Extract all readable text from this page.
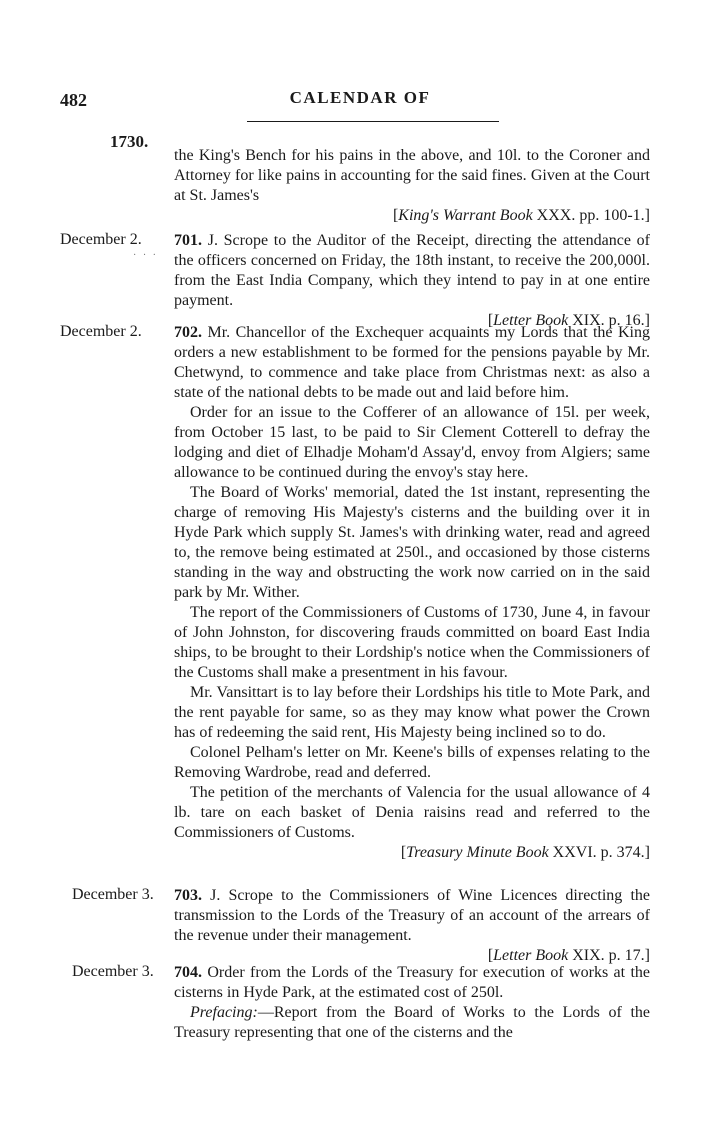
482	CALENDAR OF
1730.

the King's Bench for his pains in the above, and 10l. to the Coroner and Attorney for like pains in accounting for the said fines. Given at the Court at St. James's

[King's Warrant Book XXX. pp. 100-1.]

December 2.
· · ·

701. J. Scrope to the Auditor of the Receipt, directing the attendance of the officers concerned on Friday, the 18th instant, to receive the 200,000l. from the East India Company, which they intend to pay in at one entire payment.

[Letter Book XIX. p. 16.]

December 2. 702. Mr. Chancellor of the Exchequer acquaints my Lords that the King orders a new establishment to be formed for the pensions payable by Mr. Chetwynd, to commence and take place from Christmas next: as also a state of the national debts to be made out and laid before him.

Order for an issue to the Cofferer of an allowance of 15l. per week, from October 15 last, to be paid to Sir Clement Cotterell to defray the lodging and diet of Elhadje Moham'd Assay'd, envoy from Algiers; same allowance to be continued during the envoy's stay here.

The Board of Works' memorial, dated the 1st instant, representing the charge of removing His Majesty's cisterns and the building over it in Hyde Park which supply St. James's with drinking water, read and agreed to, the remove being estimated at 250l., and occasioned by those cisterns standing in the way and obstructing the work now carried on in the said park by Mr. Wither.

The report of the Commissioners of Customs of 1730, June 4, in favour of John Johnston, for discovering frauds committed on board East India ships, to be brought to their Lordship's notice when the Commissioners of the Customs shall make a presentment in his favour.

Mr. Vansittart is to lay before their Lordships his title to Mote Park, and the rent payable for same, so as they may know what power the Crown has of redeeming the said rent, His Majesty being inclined so to do.

Colonel Pelham's letter on Mr. Keene's bills of expenses relating to the Removing Wardrobe, read and deferred.

The petition of the merchants of Valencia for the usual allowance of 4 lb. tare on each basket of Denia raisins read and referred to the Commissioners of Customs.

[Treasury Minute Book XXVI. p. 374.]

December 3. 703. J. Scrope to the Commissioners of Wine Licences directing the transmission to the Lords of the Treasury of an account of the arrears of the revenue under their management.

[Letter Book XIX. p. 17.]

December 3. 704. Order from the Lords of the Treasury for execution of works at the cisterns in Hyde Park, at the estimated cost of 250l.

Prefacing:—Report from the Board of Works to the Lords of the Treasury representing that one of the cisterns and the
